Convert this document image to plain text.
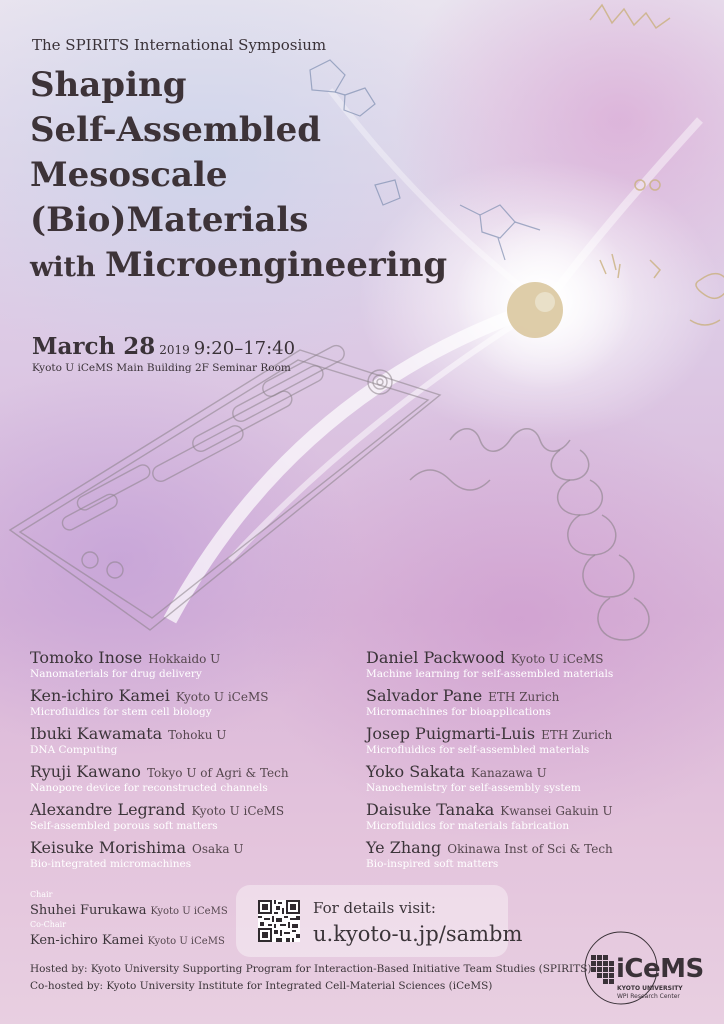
The SPIRITS International Symposium
Shaping
Self-Assembled
Mesoscale
(Bio)Materials
with Microengineering
March 28 2019 9:20–17:40
Kyoto U iCeMS Main Building 2F Seminar Room
Tomoko Inose Hokkaido U
Nanomaterials for drug delivery
Ken-ichiro Kamei Kyoto U iCeMS
Microfluidics for stem cell biology
Ibuki Kawamata Tohoku U
DNA Computing
Ryuji Kawano Tokyo U of Agri & Tech
Nanopore device for reconstructed channels
Alexandre Legrand Kyoto U iCeMS
Self-assembled porous soft matters
Keisuke Morishima Osaka U
Bio-integrated micromachines
Daniel Packwood Kyoto U iCeMS
Machine learning for self-assembled materials
Salvador Pane ETH Zurich
Micromachines for bioapplications
Josep Puigmarti-Luis ETH Zurich
Microfluidics for self-assembled materials
Yoko Sakata Kanazawa U
Nanochemistry for self-assembly system
Daisuke Tanaka Kwansei Gakuin U
Microfluidics for materials fabrication
Ye Zhang Okinawa Inst of Sci & Tech
Bio-inspired soft matters
Chair
Shuhei Furukawa Kyoto U iCeMS
Co-Chair
Ken-ichiro Kamei Kyoto U iCeMS
For details visit:
u.kyoto-u.jp/sambm
Hosted by: Kyoto University Supporting Program for Interaction-Based Initiative Team Studies (SPIRITS)
Co-hosted by: Kyoto University Institute for Integrated Cell-Material Sciences (iCeMS)
iCeMS
KYOTO UNIVERSITY
WPI Research Center
